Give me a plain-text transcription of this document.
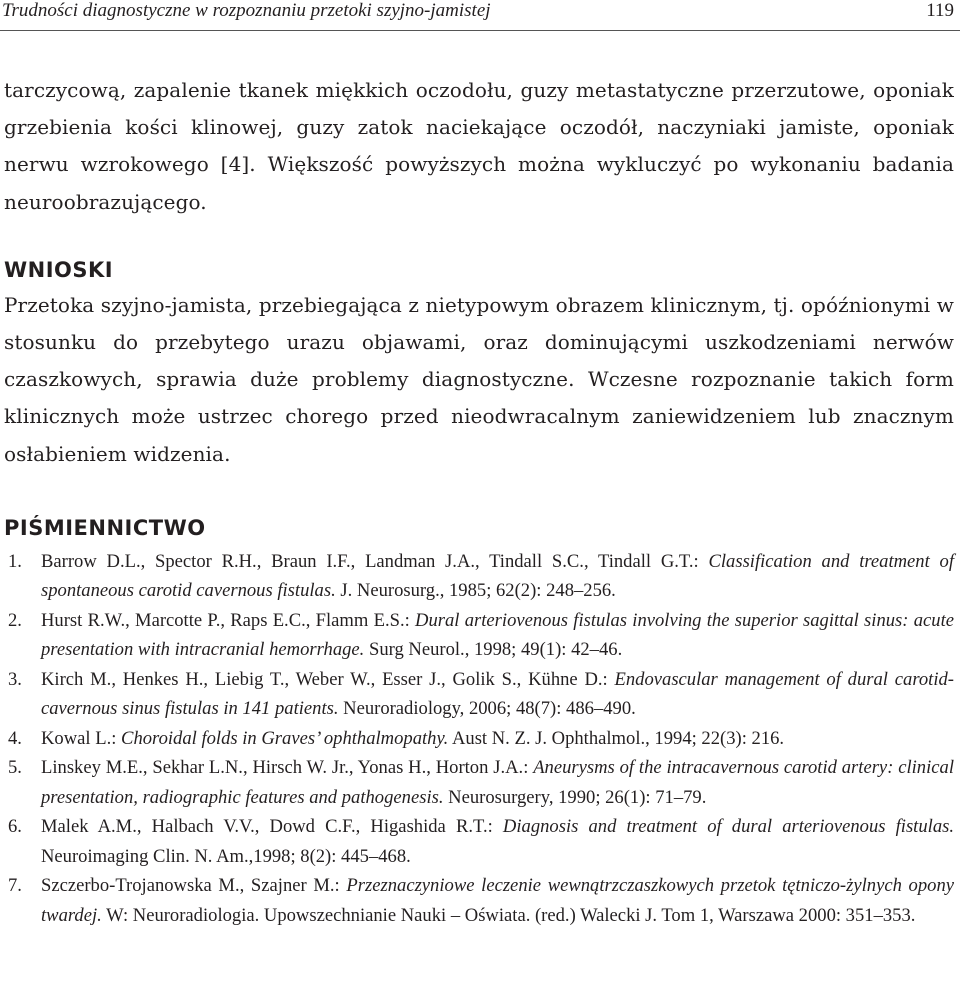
Trudności diagnostyczne w rozpoznaniu przetoki szyjno-jamistej	119

tarczycową, zapalenie tkanek miękkich oczodołu, guzy metastatyczne przerzutowe, oponiak grzebienia kości klinowej, guzy zatok naciekające oczodół, naczyniaki jamiste, oponiak nerwu wzrokowego [4]. Większość powyższych można wykluczyć po wykonaniu badania neuroobrazującego.

WNIOSKI

Przetoka szyjno-jamista, przebiegająca z nietypowym obrazem klinicznym, tj. opóźnionymi w stosunku do przebytego urazu objawami, oraz dominującymi uszkodzeniami nerwów czaszkowych, sprawia duże problemy diagnostyczne. Wczesne rozpoznanie takich form klinicznych może ustrzec chorego przed nieodwracalnym zaniewidzeniem lub znacznym osłabieniem widzenia.

PIŚMIENNICTWO
1. Barrow D.L., Spector R.H., Braun I.F., Landman J.A., Tindall S.C., Tindall G.T.: Classification and treatment of spontaneous carotid cavernous fistulas. J. Neurosurg., 1985; 62(2): 248–256.
2. Hurst R.W., Marcotte P., Raps E.C., Flamm E.S.: Dural arteriovenous fistulas involving the superior sagittal sinus: acute presentation with intracranial hemorrhage. Surg Neurol., 1998; 49(1): 42–46.
3. Kirch M., Henkes H., Liebig T., Weber W., Esser J., Golik S., Kühne D.: Endovascular management of dural carotid-cavernous sinus fistulas in 141 patients. Neuroradiology, 2006; 48(7): 486–490.
4. Kowal L.: Choroidal folds in Graves’ ophthalmopathy. Aust N. Z. J. Ophthalmol., 1994; 22(3): 216.
5. Linskey M.E., Sekhar L.N., Hirsch W. Jr., Yonas H., Horton J.A.: Aneurysms of the intracavernous carotid artery: clinical presentation, radiographic features and pathogenesis. Neurosurgery, 1990; 26(1): 71–79.
6. Malek A.M., Halbach V.V., Dowd C.F., Higashida R.T.: Diagnosis and treatment of dural arteriovenous fistulas. Neuroimaging Clin. N. Am.,1998; 8(2): 445–468.
7. Szczerbo-Trojanowska M., Szajner M.: Przeznaczyniowe leczenie wewnątrzczaszkowych przetok tętniczo-żylnych opony twardej. W: Neuroradiologia. Upowszechnianie Nauki – Oświata. (red.) Walecki J. Tom 1, Warszawa 2000: 351–353.
